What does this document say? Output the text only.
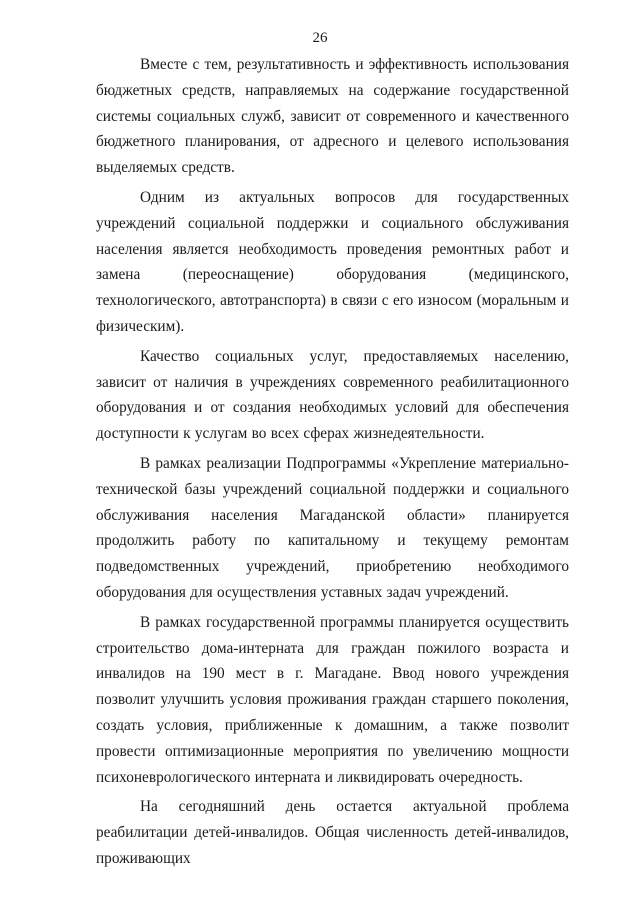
26

Вместе с тем, результативность и эффективность использования бюджетных средств, направляемых на содержание государственной системы социальных служб, зависит от современного и качественного бюджетного планирования, от адресного и целевого использования выделяемых средств.

Одним из актуальных вопросов для государственных учреждений социальной поддержки и социального обслуживания населения является необходимость проведения ремонтных работ и замена (переоснащение) оборудования (медицинского, технологического, автотранспорта) в связи с его износом (моральным и физическим).

Качество социальных услуг, предоставляемых населению, зависит от наличия в учреждениях современного реабилитационного оборудования и от создания необходимых условий для обеспечения доступности к услугам во всех сферах жизнедеятельности.

В рамках реализации Подпрограммы «Укрепление материально-технической базы учреждений социальной поддержки и социального обслуживания населения Магаданской области» планируется продолжить работу по капитальному и текущему ремонтам подведомственных учреждений, приобретению необходимого оборудования для осуществления уставных задач учреждений.

В рамках государственной программы планируется осуществить строительство дома-интерната для граждан пожилого возраста и инвалидов на 190 мест в г. Магадане. Ввод нового учреждения позволит улучшить условия проживания граждан старшего поколения, создать условия, приближенные к домашним, а также позволит провести оптимизационные мероприятия по увеличению мощности психоневрологического интерната и ликвидировать очередность.

На сегодняшний день остается актуальной проблема реабилитации детей-инвалидов. Общая численность детей-инвалидов, проживающих
